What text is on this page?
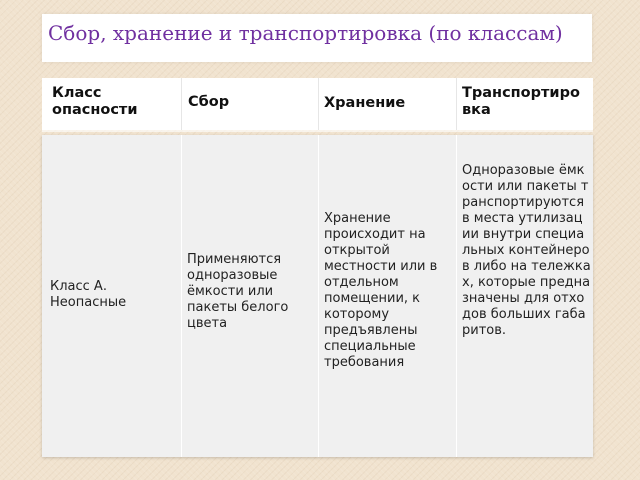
Сбор, хранение и транспортировка (по классам)
Класс опасности	Сбор	Хранение
Транспортировка
Класс А. Неопасные
Применяются одноразовые ёмкости или пакеты белого цвета
Хранение происходит на открытой местности или в отдельном помещении, к которому предъявлены специальные требования
Одноразовые ёмкости или пакеты транспортируются в места утилизации внутри специальных контейнеров либо на тележках, которые предназначены для отходов больших габаритов.
